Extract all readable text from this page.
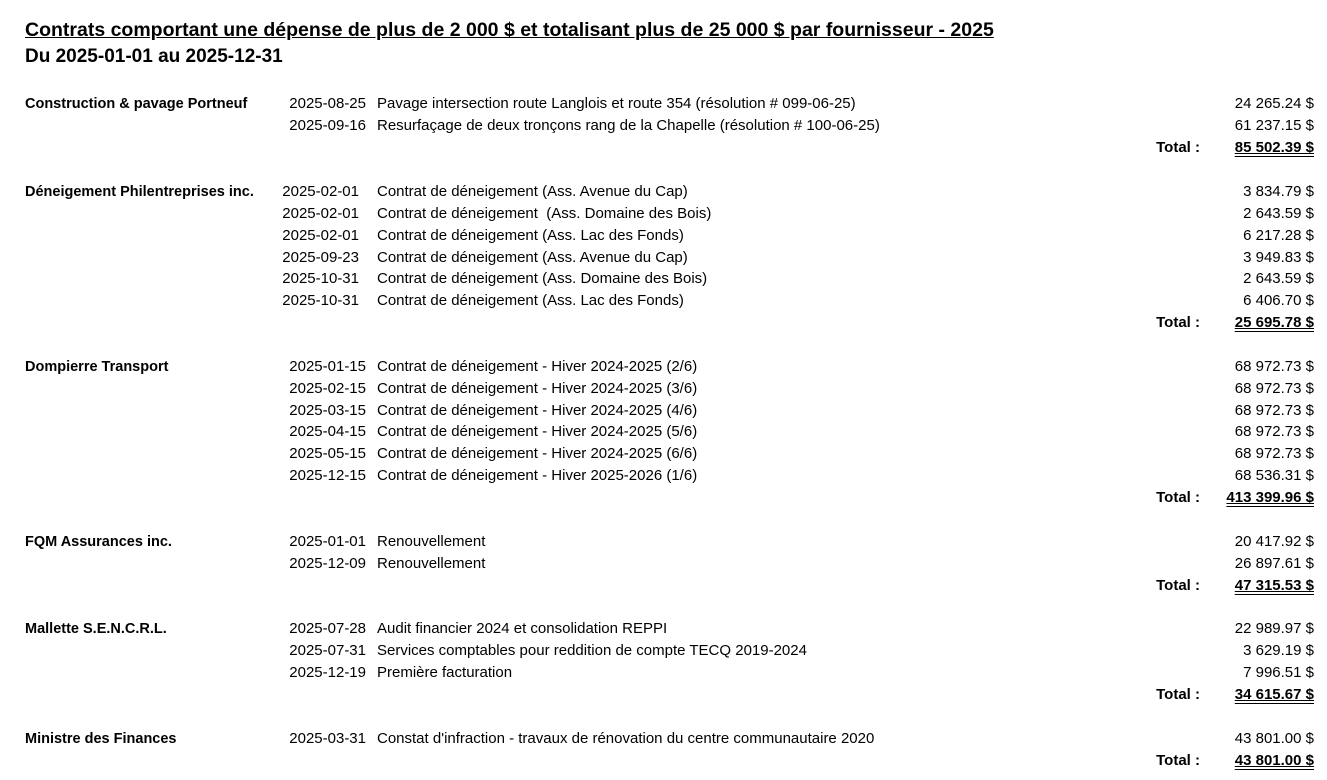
Contrats comportant une dépense de plus de 2 000 $ et totalisant plus de 25 000 $ par fournisseur - 2025
Du 2025-01-01 au 2025-12-31
Construction & pavage Portneuf	2025-08-25 Pavage intersection route Langlois et route 354 (résolution # 099-06-25)	24 265.24 $
2025-09-16 Resurfaçage de deux tronçons rang de la Chapelle (résolution # 100-06-25)	61 237.15 $
Total :	85 502.39 $
Déneigement Philentreprises inc.	2025-02-01 Contrat de déneigement (Ass. Avenue du Cap)	3 834.79 $
2025-02-01 Contrat de déneigement  (Ass. Domaine des Bois)	2 643.59 $
2025-02-01 Contrat de déneigement (Ass. Lac des Fonds)	6 217.28 $
2025-09-23 Contrat de déneigement (Ass. Avenue du Cap)	3 949.83 $
2025-10-31 Contrat de déneigement (Ass. Domaine des Bois)	2 643.59 $
2025-10-31 Contrat de déneigement (Ass. Lac des Fonds)	6 406.70 $
Total :	25 695.78 $
Dompierre Transport	2025-01-15 Contrat de déneigement - Hiver 2024-2025 (2/6)	68 972.73 $
2025-02-15 Contrat de déneigement - Hiver 2024-2025 (3/6)	68 972.73 $
2025-03-15 Contrat de déneigement - Hiver 2024-2025 (4/6)	68 972.73 $
2025-04-15 Contrat de déneigement - Hiver 2024-2025 (5/6)	68 972.73 $
2025-05-15 Contrat de déneigement - Hiver 2024-2025 (6/6)	68 972.73 $
2025-12-15 Contrat de déneigement - Hiver 2025-2026 (1/6)	68 536.31 $
Total :	413 399.96 $
FQM Assurances inc.	2025-01-01 Renouvellement	20 417.92 $
2025-12-09 Renouvellement	26 897.61 $
Total :	47 315.53 $
Mallette S.E.N.C.R.L.	2025-07-28 Audit financier 2024 et consolidation REPPI	22 989.97 $
2025-07-31 Services comptables pour reddition de compte TECQ 2019-2024	3 629.19 $
2025-12-19 Première facturation	7 996.51 $
Total :	34 615.67 $
Ministre des Finances	2025-03-31 Constat d'infraction - travaux de rénovation du centre communautaire 2020	43 801.00 $
Total :	43 801.00 $
